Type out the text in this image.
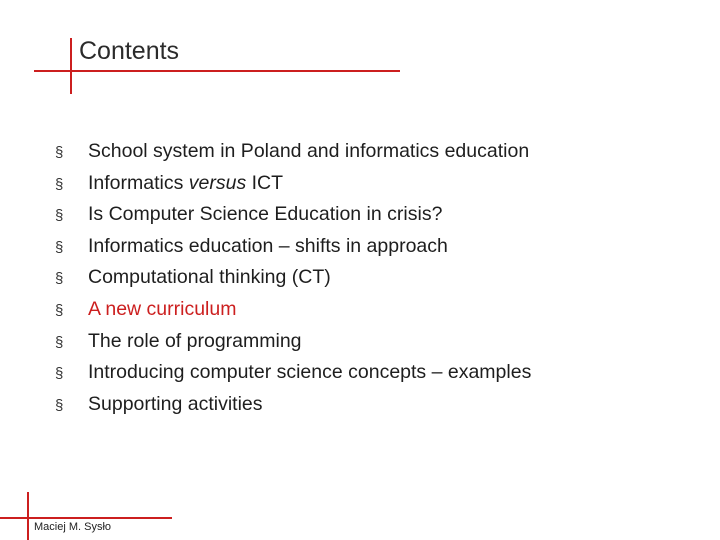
Contents
§	School system in Poland and informatics education
§	Informatics versus ICT
§	Is Computer Science Education in crisis?
§	Informatics education – shifts in approach
§	Computational thinking (CT)
§	A new curriculum
§	The role of programming
§	Introducing computer science concepts – examples
§	Supporting activities
Maciej M. Sysło
